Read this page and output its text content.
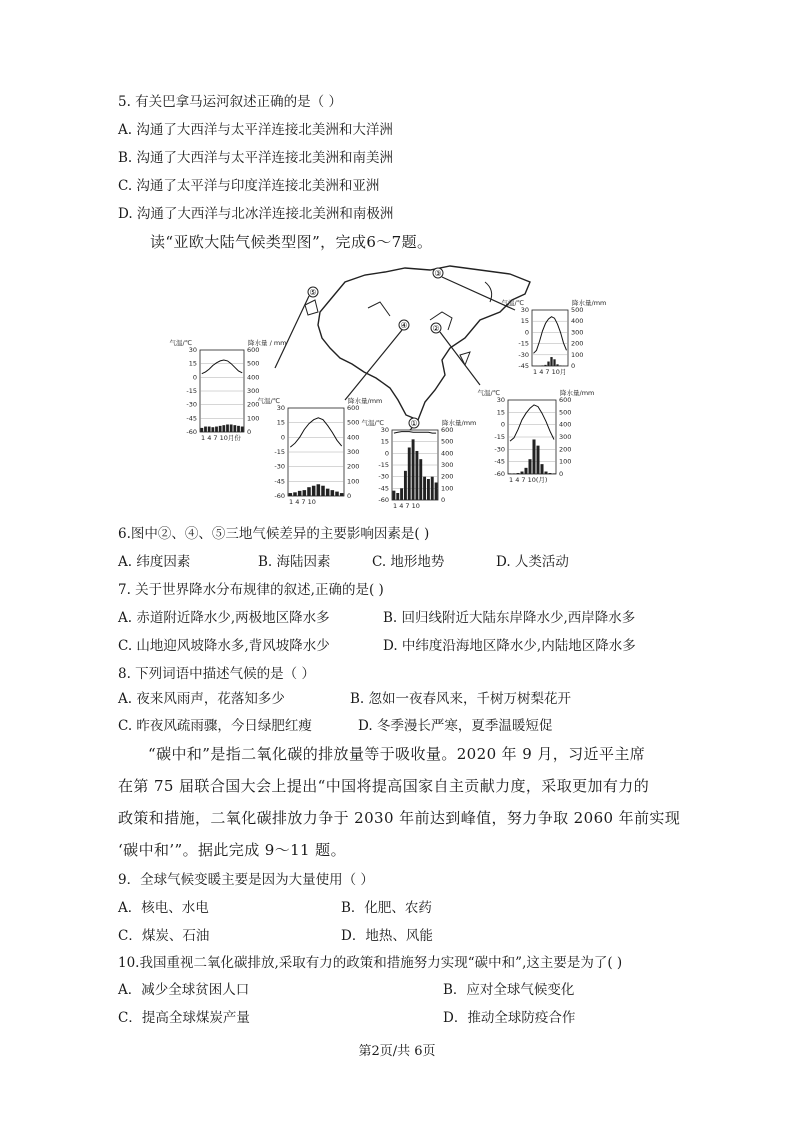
5. 有关巴拿马运河叙述正确的是（ ）
A. 沟通了大西洋与太平洋连接北美洲和大洋洲
B. 沟通了大西洋与太平洋连接北美洲和南美洲
C. 沟通了太平洋与印度洋连接北美洲和亚洲
D. 沟通了大西洋与北冰洋连接北美洲和南极洲
读“亚欧大陆气候类型图”，完成6～7题。
⑤
③
④	②
①
30
15
0
-15
-30
-45
-60	0
100
200
300
400
500
600
气温/℃	降水量 / mm
1 4 7 10月份
30
15
0
-15
-30
-45
-60	0
100
200
300
400
500
600
气温/℃	降水量/mm
1 4 7 10
30
15
0
-15
-30
-45
-60	0
100
200
300
400
500
600
气温/℃	降水量/mm
1 4 7 10
30
15
0
-15
-30
-45	0
100
200
300
400
500
气温/℃	降水量/mm
1 4 7 10月
30
15
0
-15
-30
-45
-60	0
100
200
300
400
500
600
气温/℃	降水量/mm
1 4 7 10(月)
6.图中②、④、⑤三地气候差异的主要影响因素是( )
A. 纬度因素	B. 海陆因素	C. 地形地势	D. 人类活动
7. 关于世界降水分布规律的叙述,正确的是( )
A. 赤道附近降水少,两极地区降水多	B. 回归线附近大陆东岸降水少,西岸降水多
C. 山地迎风坡降水多,背风坡降水少	D. 中纬度沿海地区降水少,内陆地区降水多
8. 下列词语中描述气候的是（ ）
A. 夜来风雨声，花落知多少	B. 忽如一夜春风来，千树万树梨花开
C. 昨夜风疏雨骤，今日绿肥红瘦	D. 冬季漫长严寒，夏季温暖短促
“碳中和”是指二氧化碳的排放量等于吸收量。2020 年 9 月，习近平主席
在第 75 届联合国大会上提出“中国将提高国家自主贡献力度，采取更加有力的
政策和措施，二氧化碳排放力争于 2030 年前达到峰值，努力争取 2060 年前实现
‘碳中和’”。据此完成 9～11 题。
9．全球气候变暖主要是因为大量使用（ ）
A．核电、水电	B．化肥、农药
C．煤炭、石油	D．地热、风能
10.我国重视二氧化碳排放,采取有力的政策和措施努力实现“碳中和”,这主要是为了( )
A．减少全球贫困人口	B．应对全球气候变化
C．提高全球煤炭产量	D．推动全球防疫合作
第2页/共 6页
